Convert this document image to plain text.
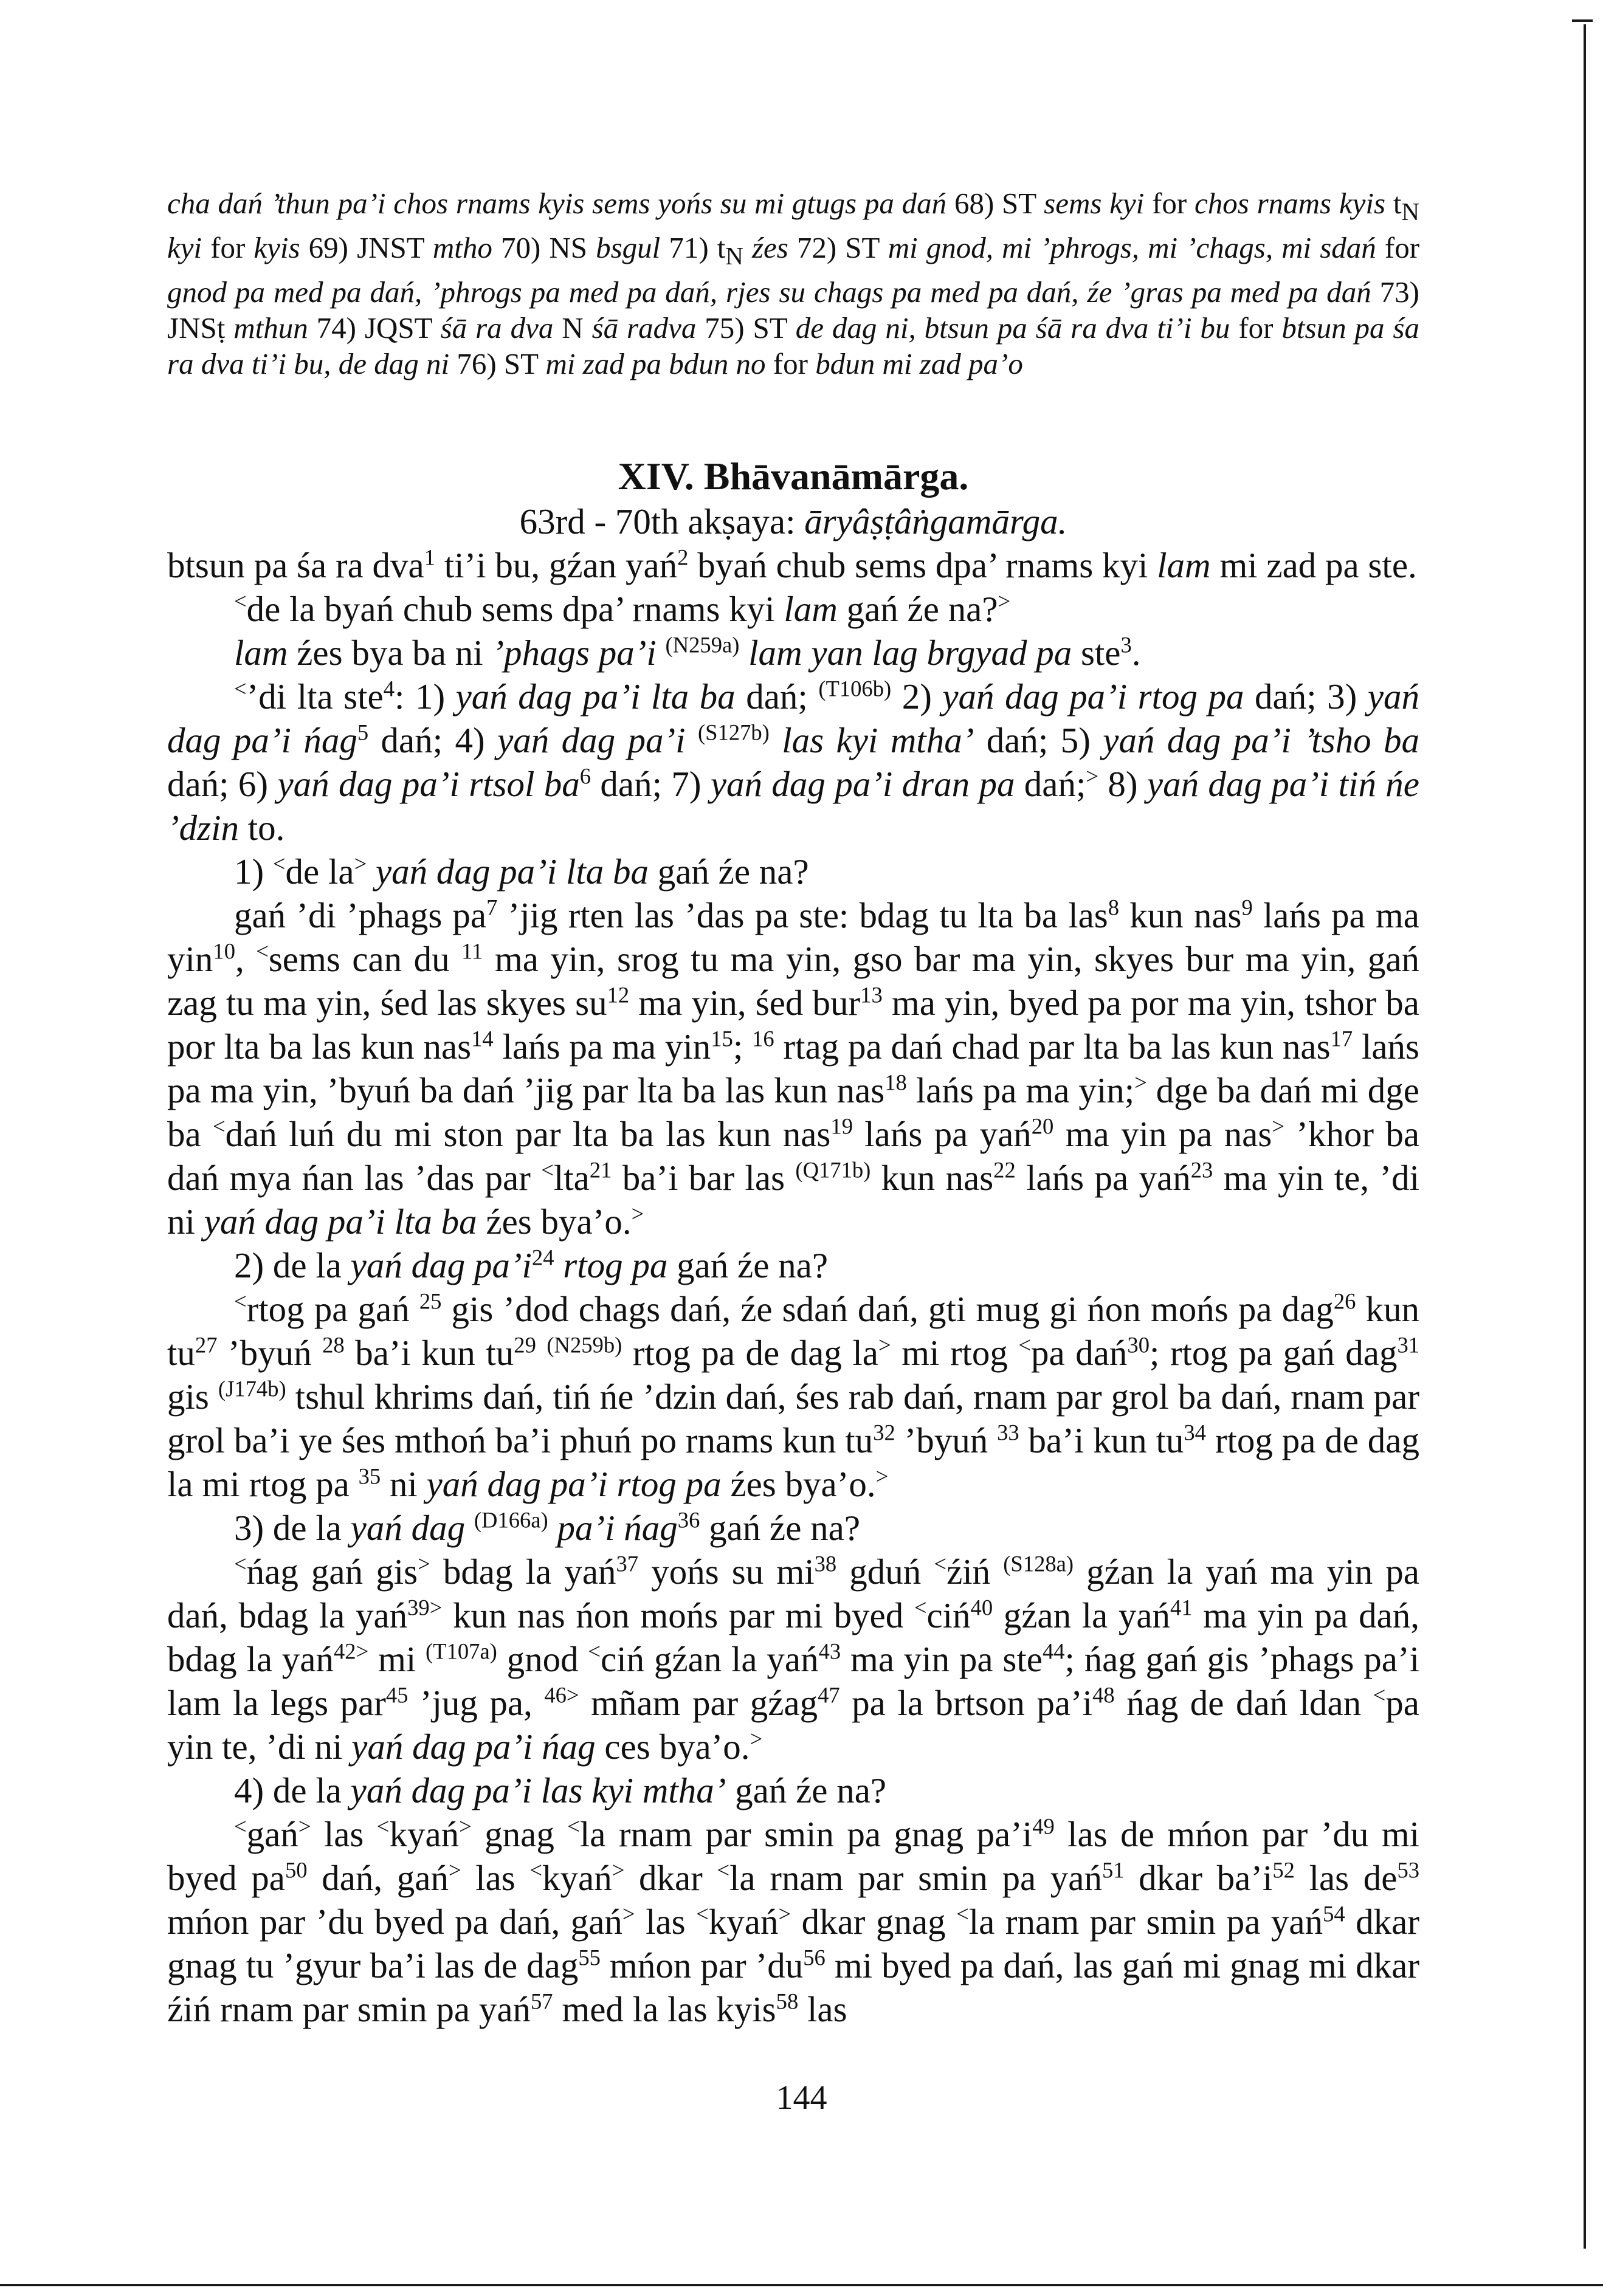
cha dań ’thun pa’i chos rnams kyis sems yońs su mi gtugs pa dań 68) ST sems kyi for chos rnams kyis $t_N$ kyi for kyis 69) JNST mtho 70) NS bsgul 71) $t_N$ źes 72) ST mi gnod, mi ’phrogs, mi ’chags, mi sdań for gnod pa med pa dań, ’phrogs pa med pa dań, rjes su chags pa med pa dań, źe ’gras pa med pa dań 73) JNSṭ mthun 74) JQST śā ra dva N śā radva 75) ST de dag ni, btsun pa śā ra dva ti’i bu for btsun pa śa ra dva ti’i bu, de dag ni 76) ST mi zad pa bdun no for bdun mi zad pa’o
XIV. Bhāvanāmārga.
63rd - 70th akṣaya: āryâṣṭâṅgamārga.

btsun pa śa ra dva$^1$ ti’i bu, gźan yań$^2$ byań chub sems dpa’ rnams kyi lam mi zad pa ste.

<de la byań chub sems dpa’ rnams kyi lam gań źe na?>

lam źes bya ba ni ’phags pa’i $^{(N259a)}$ lam yan lag brgyad pa ste$^3$.

<’di lta ste$^4$: 1) yań dag pa’i lta ba dań; $^{(T106b)}$ 2) yań dag pa’i rtog pa dań; 3) yań dag pa’i ńag$^5$ dań; 4) yań dag pa’i $^{(S127b)}$ las kyi mtha’ dań; 5) yań dag pa’i ’tsho ba dań; 6) yań dag pa’i rtsol $ba^6$ dań; 7) yań dag pa’i dran pa dań;> 8) yań dag pa’i tiń ńe ’dzin to.

1) <de la> yań dag pa’i lta ba gań źe na?

gań ’di ’phags $pa^7$ ’jig rten las ’das pa ste: bdag tu lta ba las$^8$ kun nas$^9$ lańs pa ma yin$^{10}$, <sems can du $^{11}$ ma yin, srog tu ma yin, gso bar ma yin, skyes bur ma yin, gań zag tu ma yin, śed las skyes $su^{12}$ ma yin, śed bur$^{13}$ ma yin, byed pa por ma yin, tshor ba por lta ba las kun nas$^{14}$ lańs pa ma yin$^{15}$; $^{16}$ rtag pa dań chad par lta ba las kun nas$^{17}$ lańs pa ma yin, ’byuń ba dań ’jig par lta ba las kun nas$^{18}$ lańs pa ma yin;> dge ba dań mi dge ba <dań luń du mi ston par lta ba las kun nas$^{19}$ lańs pa yań$^{20}$ ma yin pa nas> ’khor ba dań mya ńan las ’das par <lta$^{21}$ ba’i bar las $^{(Q171b)}$ kun nas$^{22}$ lańs pa yań$^{23}$ ma yin te, ’di ni yań dag pa’i lta ba źes bya’o.>

2) de la yań dag $pa’i^{24}$ rtog pa gań źe na?

<rtog pa gań $^{25}$ gis ’dod chags dań, źe sdań dań, gti mug gi ńon mońs pa dag$^{26}$ kun $tu^{27}$ ’byuń $^{28}$ ba’i kun $tu^{29}$ $^{(N259b)}$ rtog pa de dag la> mi rtog <pa dań$^{30}$; rtog pa gań dag$^{31}$ gis $^{(J174b)}$ tshul khrims dań, tiń ńe ’dzin dań, śes rab dań, rnam par grol ba dań, rnam par grol ba’i ye śes mthoń ba’i phuń po rnams kun $tu^{32}$ ’byuń $^{33}$ ba’i kun $tu^{34}$ rtog pa de dag la mi rtog pa $^{35}$ ni yań dag pa’i rtog pa źes bya’o.>

3) de la yań dag $^{(D166a)}$ pa’i ńag$^{36}$ gań źe na?

<ńag gań gis> bdag la yań$^{37}$ yońs su $mi^{38}$ gduń <źiń $^{(S128a)}$ gźan la yań ma yin pa dań, bdag la yań$^{39>}$ kun nas ńon mońs par mi byed <ciń$^{40}$ gźan la yań$^{41}$ ma yin pa dań, bdag la yań$^{42>}$ mi $^{(T107a)}$ gnod <ciń gźan la yań$^{43}$ ma yin pa ste$^{44}$; ńag gań gis ’phags pa’i lam la legs par$^{45}$ ’jug pa, $^{46>}$ mñam par gźag$^{47}$ pa la brtson $pa’i^{48}$ ńag de dań ldan <pa yin te, ’di ni yań dag pa’i ńag ces bya’o.>

4) de la yań dag pa’i las kyi mtha’ gań źe na?

<gań> las <kyań> gnag <la rnam par smin pa gnag $pa’i^{49}$ las de mńon par ’du mi byed $pa^{50}$ dań, gań> las <kyań> dkar <la rnam par smin pa yań$^{51}$ dkar $ba’i^{52}$ las $de^{53}$ mńon par ’du byed pa dań, gań> las <kyań> dkar gnag <la rnam par smin pa yań$^{54}$ dkar gnag tu ’gyur ba’i las de dag$^{55}$ mńon par $’du^{56}$ mi byed pa dań, las gań mi gnag mi dkar źiń rnam par smin pa yań$^{57}$ med la las kyis$^{58}$ las

144
